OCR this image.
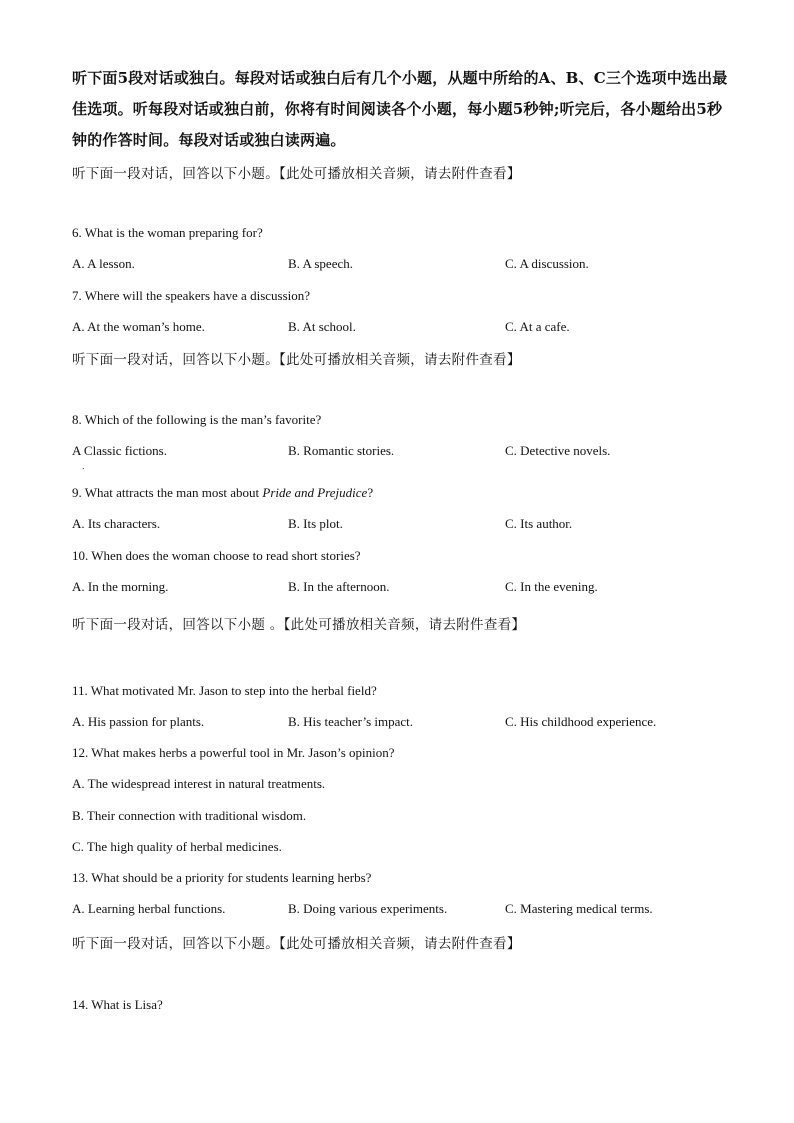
听下面5段对话或独白。每段对话或独白后有几个小题，从题中所给的A、B、C三个选项中选出最佳选项。听每段对话或独白前，你将有时间阅读各个小题，每小题5秒钟;听完后，各小题给出5秒钟的作答时间。每段对话或独白读两遍。
听下面一段对话，回答以下小题。【此处可播放相关音频，请去附件查看】
6. What is the woman preparing for?
A. A lesson.	B. A speech.	C. A discussion.
7. Where will the speakers have a discussion?
A. At the woman’s home.	B. At school.	C. At a cafe.
听下面一段对话，回答以下小题。【此处可播放相关音频，请去附件查看】
8. Which of the following is the man’s favorite?
A Classic fictions.	B. Romantic stories.	C. Detective novels.
.
9. What attracts the man most about Pride and Prejudice?
A. Its characters.	B. Its plot.	C. Its author.
10. When does the woman choose to read short stories?
A. In the morning.	B. In the afternoon.	C. In the evening.
听下面一段对话，回答以下小题 。【此处可播放相关音频，请去附件查看】
11. What motivated Mr. Jason to step into the herbal field?
A. His passion for plants.	B. His teacher’s impact.	C. His childhood experience.
12. What makes herbs a powerful tool in Mr. Jason’s opinion?
A. The widespread interest in natural treatments.
B. Their connection with traditional wisdom.
C. The high quality of herbal medicines.
13. What should be a priority for students learning herbs?
A. Learning herbal functions.	B. Doing various experiments.	C. Mastering medical terms.
听下面一段对话，回答以下小题。【此处可播放相关音频，请去附件查看】
14. What is Lisa?
